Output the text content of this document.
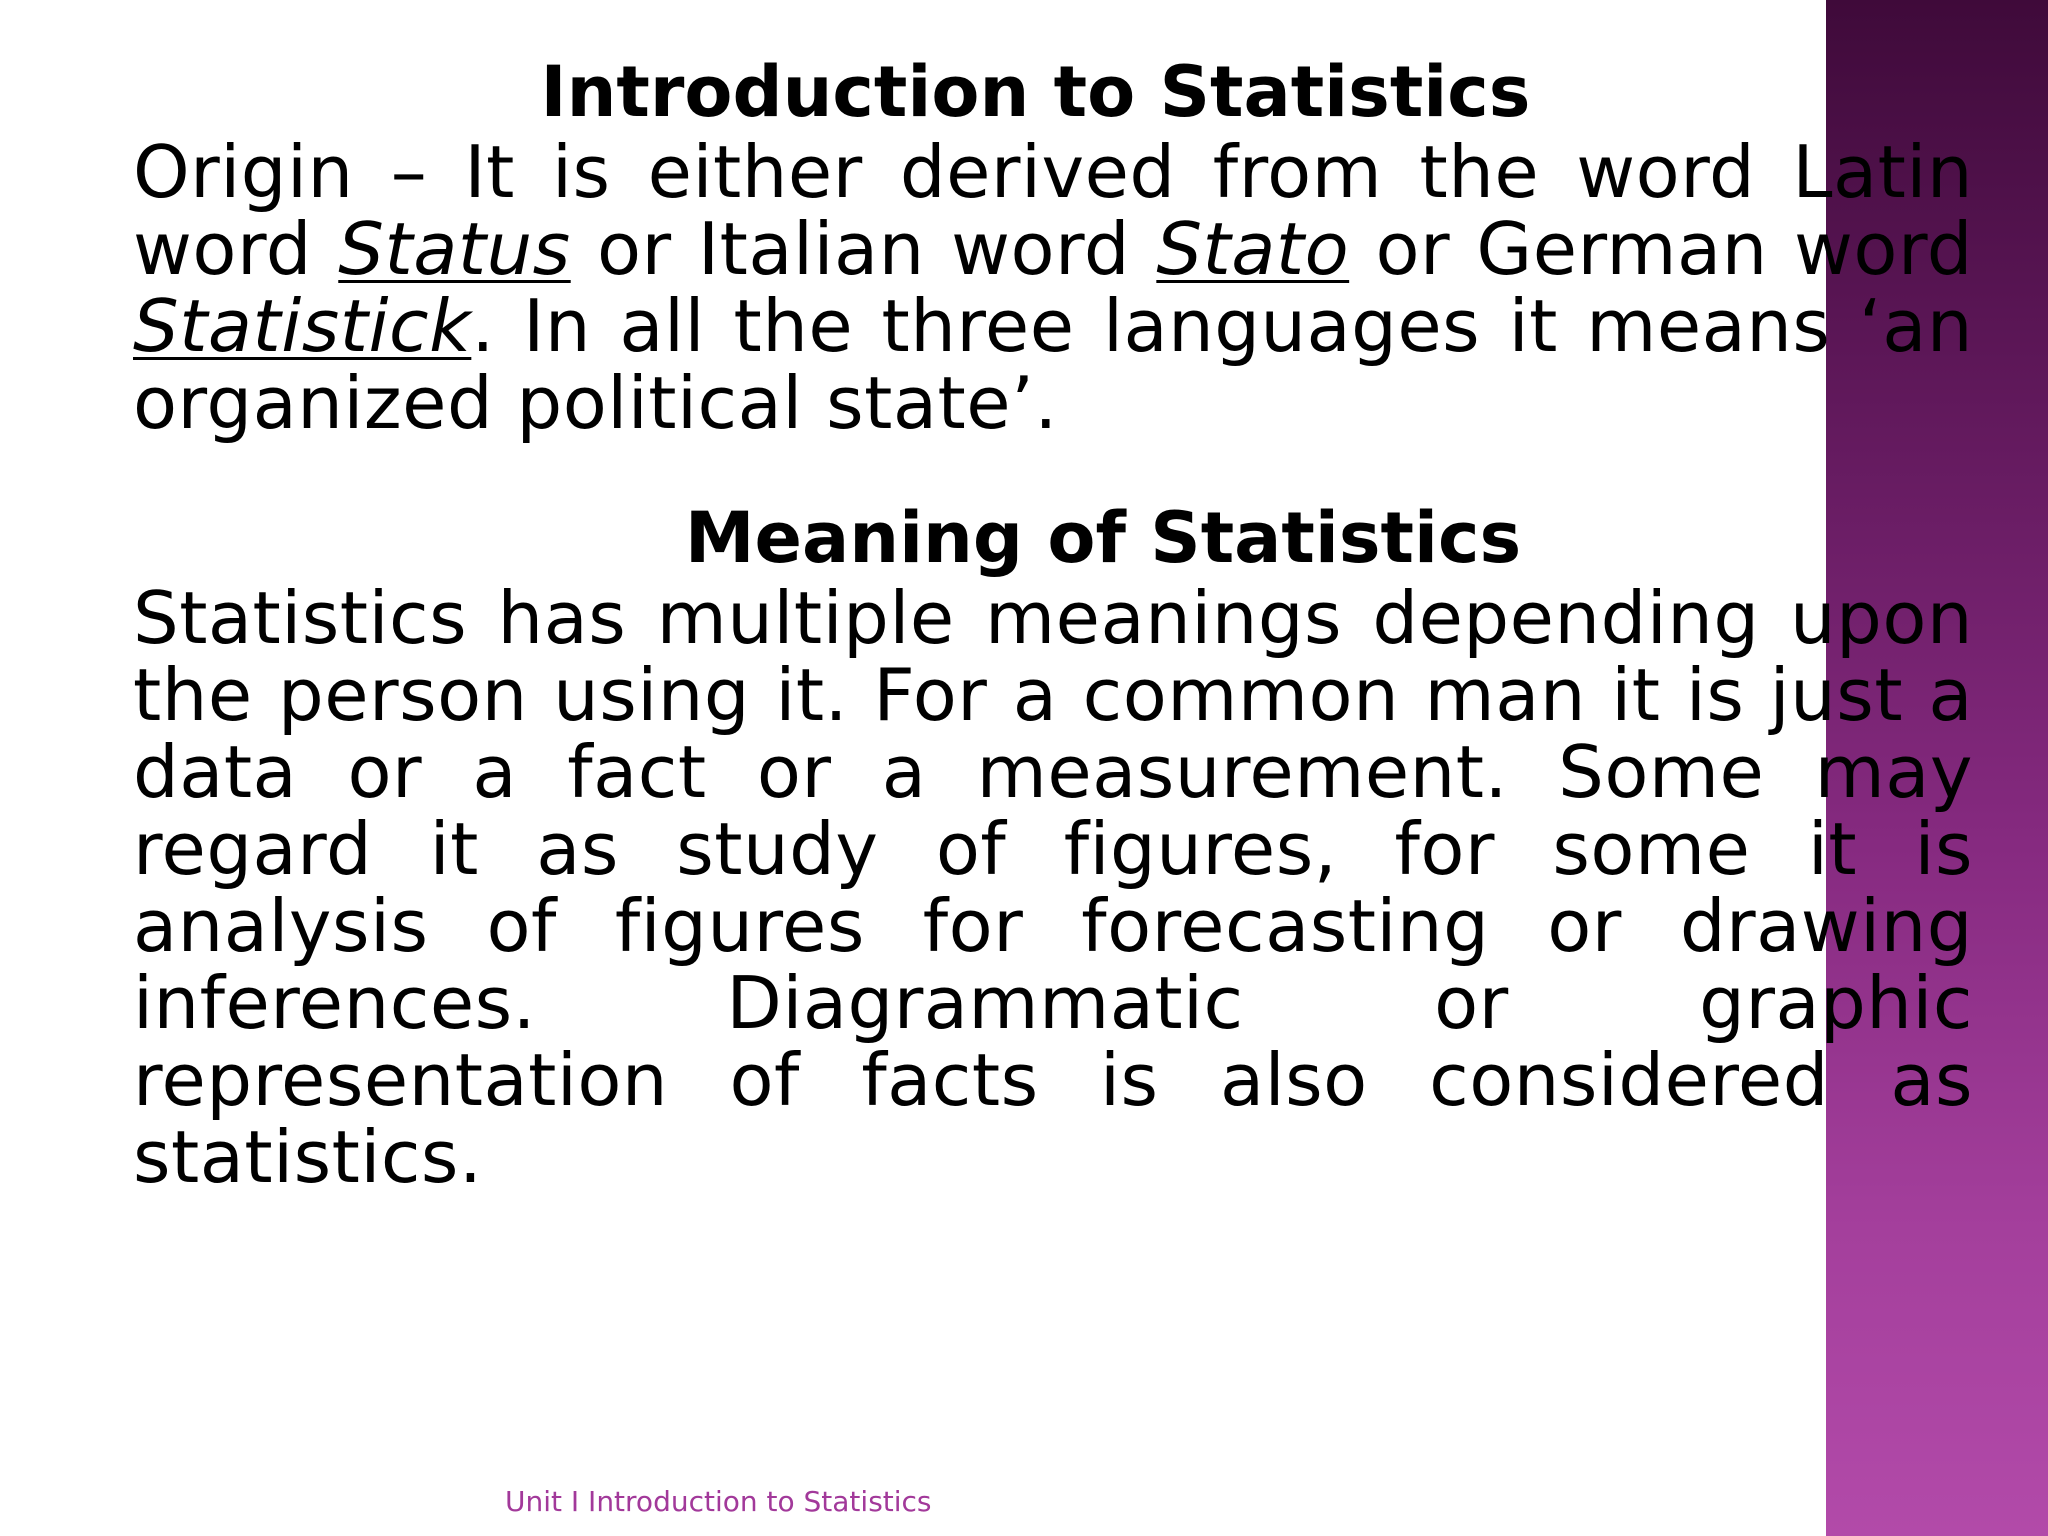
Introduction to Statistics

Origin – It is either derived from the word Latin word Status or Italian word Stato or German word Statistick. In all the three languages it means ‘an organized political state’.

Meaning of Statistics

Statistics has multiple meanings depending upon the person using it. For a common man it is just a data or a fact or a measurement. Some may regard it as study of figures, for some it is analysis of figures for forecasting or drawing inferences. Diagrammatic or graphic representation of facts is also considered as statistics.

Unit I Introduction to Statistics
